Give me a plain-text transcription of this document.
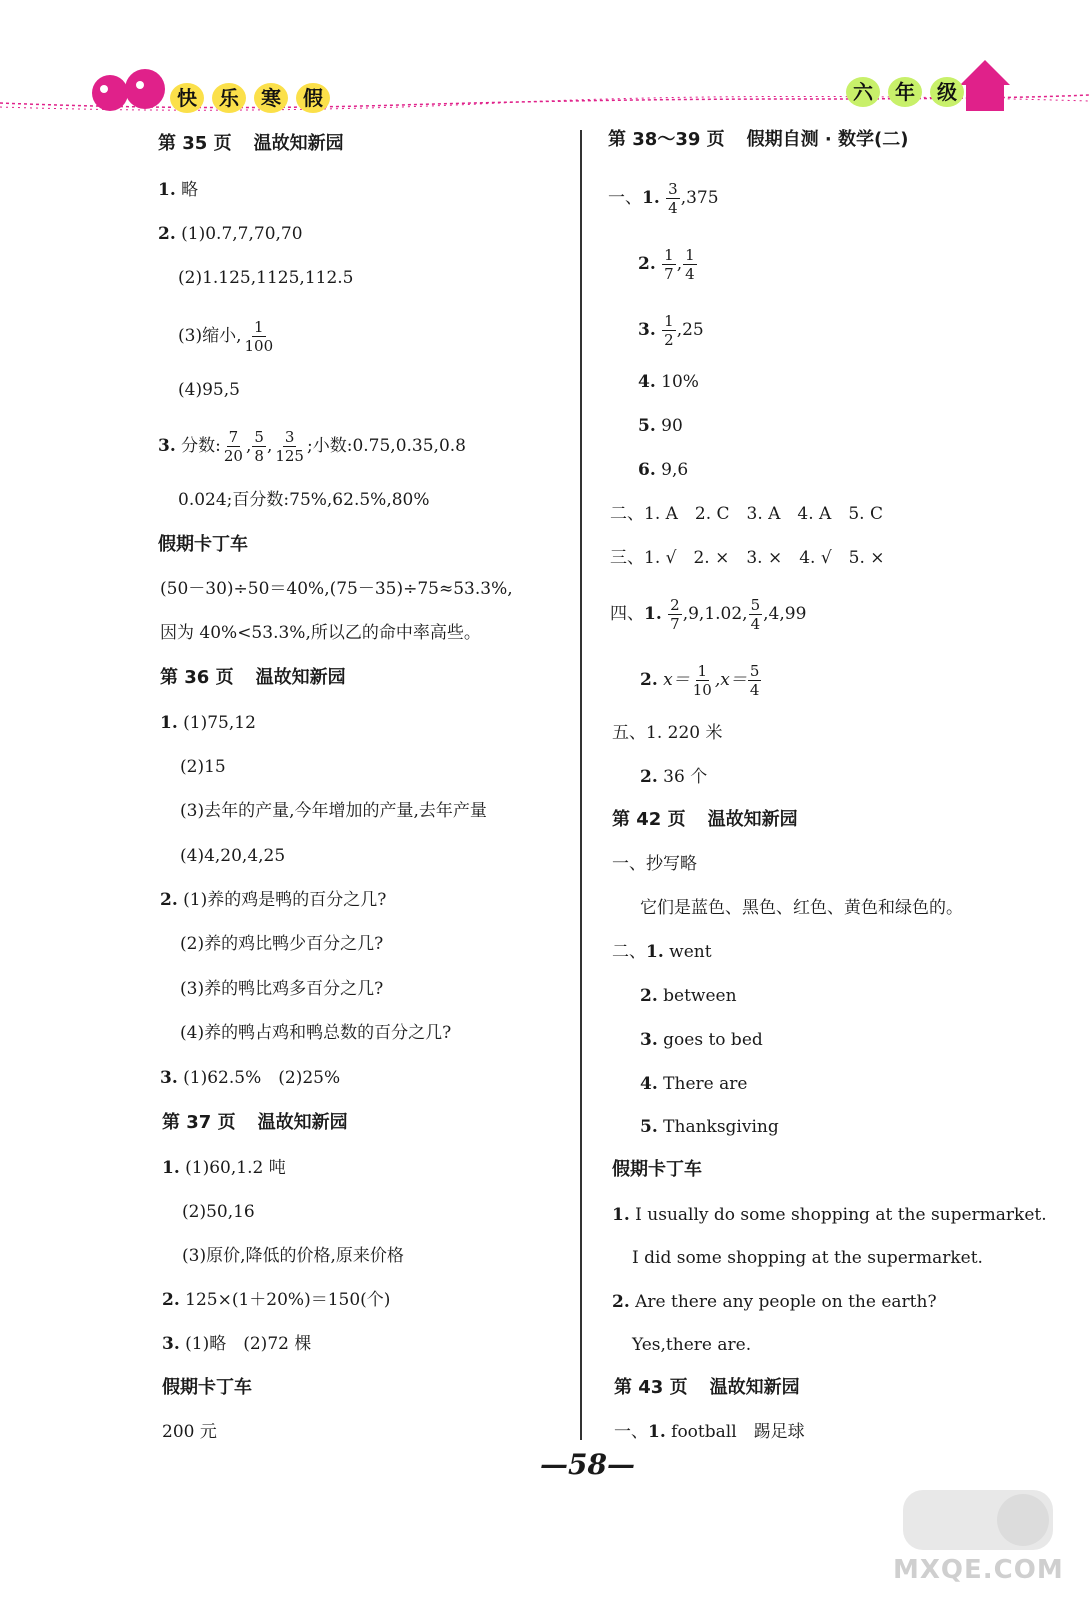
快	乐	寒	假	六	年	级
第 35 页 温故知新园
1. 略
2. (1)0.7,7,70,70
(2)1.125,1125,112.5
(3)缩小, $\frac{1}{100}$
(4)95,5
3. 分数: $\frac{7}{20}$ , $\frac{5}{8}$ , $\frac{3}{125}$ ;小数:0.75,0.35,0.8
0.024;百分数:75%,62.5%,80%
假期卡丁车
(50－30)÷50＝40%,(75－35)÷75≈53.3%,
因为 40%<53.3%,所以乙的命中率高些。
第 36 页 温故知新园
1. (1)75,12
(2)15
(3)去年的产量,今年增加的产量,去年产量
(4)4,20,4,25
2. (1)养的鸡是鸭的百分之几?
(2)养的鸡比鸭少百分之几?
(3)养的鸭比鸡多百分之几?
(4)养的鸭占鸡和鸭总数的百分之几?
3. (1)62.5%　(2)25%
第 37 页 温故知新园
1. (1)60,1.2 吨
(2)50,16
(3)原价,降低的价格,原来价格
2. 125×(1＋20%)＝150(个)
3. (1)略　(2)72 棵
假期卡丁车
200 元
第 38～39 页 假期自测 · 数学(二)
一、1. $\frac{3}{4} ,375$
2. $\frac{1}{7}$ , $\frac{1}{4}$
3. $\frac{1}{2} ,25$
4. 10%
5. 90
6. 9,6
二、1. A　2. C　3. A　4. A　5. C
三、1. √　2. ×　3. ×　4. √　5. ×
四、1. $\frac{2}{7} ,9,1.02$, $\frac{5}{4} ,4,99$
2. $x= \frac{1}{10} ,x= \frac{5}{4}$
五、1. 220 米
2. 36 个
第 42 页 温故知新园
一、抄写略
它们是蓝色、黑色、红色、黄色和绿色的。
二、1. went
2. between
3. goes to bed
4. There are
5. Thanksgiving
假期卡丁车
1. I usually do some shopping at the supermarket.
I did some shopping at the supermarket.
2. Are there any people on the earth?
Yes,there are.
第 43 页 温故知新园
一、1. football　踢足球
—58—
MXQE.COM
